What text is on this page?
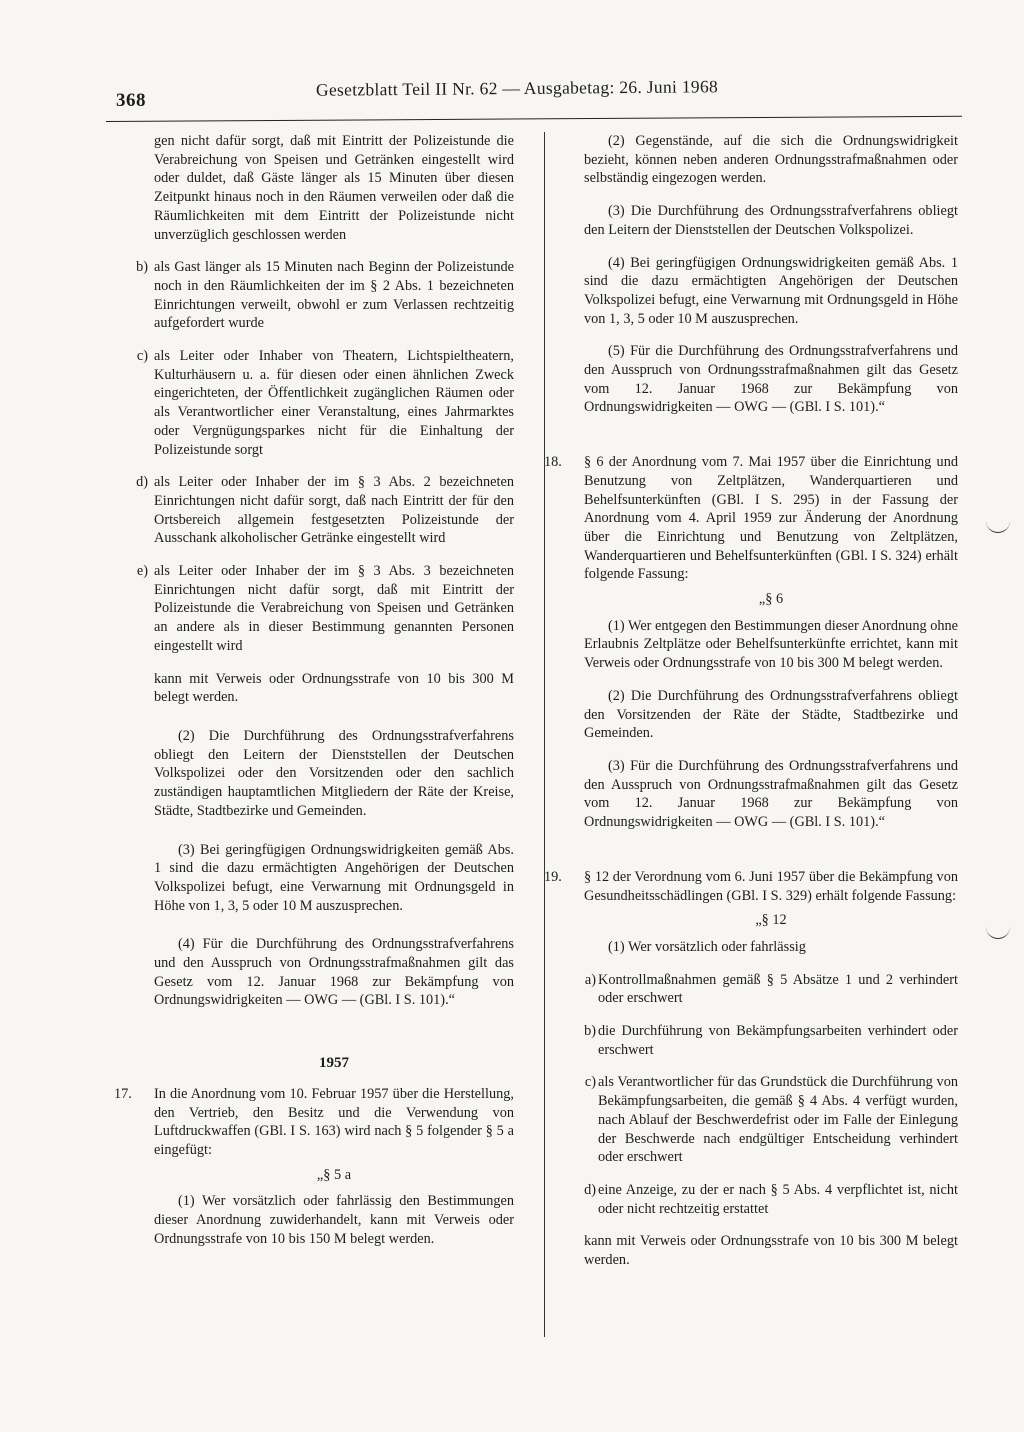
368
Gesetzblatt Teil II Nr. 62 — Ausgabetag: 26. Juni 1968

gen nicht dafür sorgt, daß mit Eintritt der Polizeistunde die Verabreichung von Speisen und Getränken eingestellt wird oder duldet, daß Gäste länger als 15 Minuten über diesen Zeitpunkt hinaus noch in den Räumen verweilen oder daß die Räumlichkeiten mit dem Eintritt der Polizeistunde nicht unverzüglich geschlossen werden

b) als Gast länger als 15 Minuten nach Beginn der Polizeistunde noch in den Räumlichkeiten der im § 2 Abs. 1 bezeichneten Einrichtungen verweilt, obwohl er zum Verlassen rechtzeitig aufgefordert wurde

c) als Leiter oder Inhaber von Theatern, Lichtspieltheatern, Kulturhäusern u. a. für diesen oder einen ähnlichen Zweck eingerichteten, der Öffentlichkeit zugänglichen Räumen oder als Verantwortlicher einer Veranstaltung, eines Jahrmarktes oder Vergnügungsparkes nicht für die Einhaltung der Polizeistunde sorgt

d) als Leiter oder Inhaber der im § 3 Abs. 2 bezeichneten Einrichtungen nicht dafür sorgt, daß nach Eintritt der für den Ortsbereich allgemein festgesetzten Polizeistunde der Ausschank alkoholischer Getränke eingestellt wird

e) als Leiter oder Inhaber der im § 3 Abs. 3 bezeichneten Einrichtungen nicht dafür sorgt, daß mit Eintritt der Polizeistunde die Verabreichung von Speisen und Getränken an andere als in dieser Bestimmung genannten Personen eingestellt wird

kann mit Verweis oder Ordnungsstrafe von 10 bis 300 M belegt werden.

(2) Die Durchführung des Ordnungsstrafverfahrens obliegt den Leitern der Dienststellen der Deutschen Volkspolizei oder den Vorsitzenden oder den sachlich zuständigen hauptamtlichen Mitgliedern der Räte der Kreise, Städte, Stadtbezirke und Gemeinden.

(3) Bei geringfügigen Ordnungswidrigkeiten gemäß Abs. 1 sind die dazu ermächtigten Angehörigen der Deutschen Volkspolizei befugt, eine Verwarnung mit Ordnungsgeld in Höhe von 1, 3, 5 oder 10 M auszusprechen.

(4) Für die Durchführung des Ordnungsstrafverfahrens und den Ausspruch von Ordnungsstrafmaßnahmen gilt das Gesetz vom 12. Januar 1968 zur Bekämpfung von Ordnungswidrigkeiten — OWG — (GBl. I S. 101).“

1957

17.	In die Anordnung vom 10. Februar 1957 über die Herstellung, den Vertrieb, den Besitz und die Verwendung von Luftdruckwaffen (GBl. I S. 163) wird nach § 5 folgender § 5 a eingefügt:

„§ 5 a

(1) Wer vorsätzlich oder fahrlässig den Bestimmungen dieser Anordnung zuwiderhandelt, kann mit Verweis oder Ordnungsstrafe von 10 bis 150 M belegt werden.

(2) Gegenstände, auf die sich die Ordnungswidrigkeit bezieht, können neben anderen Ordnungsstrafmaßnahmen oder selbständig eingezogen werden.

(3) Die Durchführung des Ordnungsstrafverfahrens obliegt den Leitern der Dienststellen der Deutschen Volkspolizei.

(4) Bei geringfügigen Ordnungswidrigkeiten gemäß Abs. 1 sind die dazu ermächtigten Angehörigen der Deutschen Volkspolizei befugt, eine Verwarnung mit Ordnungsgeld in Höhe von 1, 3, 5 oder 10 M auszusprechen.

(5) Für die Durchführung des Ordnungsstrafverfahrens und den Ausspruch von Ordnungsstrafmaßnahmen gilt das Gesetz vom 12. Januar 1968 zur Bekämpfung von Ordnungswidrigkeiten — OWG — (GBl. I S. 101).“

18.	§ 6 der Anordnung vom 7. Mai 1957 über die Einrichtung und Benutzung von Zeltplätzen, Wanderquartieren und Behelfsunterkünften (GBl. I S. 295) in der Fassung der Anordnung vom 4. April 1959 zur Änderung der Anordnung über die Einrichtung und Benutzung von Zeltplätzen, Wanderquartieren und Behelfsunterkünften (GBl. I S. 324) erhält folgende Fassung:

„§ 6

(1) Wer entgegen den Bestimmungen dieser Anordnung ohne Erlaubnis Zeltplätze oder Behelfsunterkünfte errichtet, kann mit Verweis oder Ordnungsstrafe von 10 bis 300 M belegt werden.

(2) Die Durchführung des Ordnungsstrafverfahrens obliegt den Vorsitzenden der Räte der Städte, Stadtbezirke und Gemeinden.

(3) Für die Durchführung des Ordnungsstrafverfahrens und den Ausspruch von Ordnungsstrafmaßnahmen gilt das Gesetz vom 12. Januar 1968 zur Bekämpfung von Ordnungswidrigkeiten — OWG — (GBl. I S. 101).“

19.	§ 12 der Verordnung vom 6. Juni 1957 über die Bekämpfung von Gesundheitsschädlingen (GBl. I S. 329) erhält folgende Fassung:

„§ 12

(1) Wer vorsätzlich oder fahrlässig

a) Kontrollmaßnahmen gemäß § 5 Absätze 1 und 2 verhindert oder erschwert

b) die Durchführung von Bekämpfungsarbeiten verhindert oder erschwert

c) als Verantwortlicher für das Grundstück die Durchführung von Bekämpfungsarbeiten, die gemäß § 4 Abs. 4 verfügt wurden, nach Ablauf der Beschwerdefrist oder im Falle der Einlegung der Beschwerde nach endgültiger Entscheidung verhindert oder erschwert

d) eine Anzeige, zu der er nach § 5 Abs. 4 verpflichtet ist, nicht oder nicht rechtzeitig erstattet

kann mit Verweis oder Ordnungsstrafe von 10 bis 300 M belegt werden.
